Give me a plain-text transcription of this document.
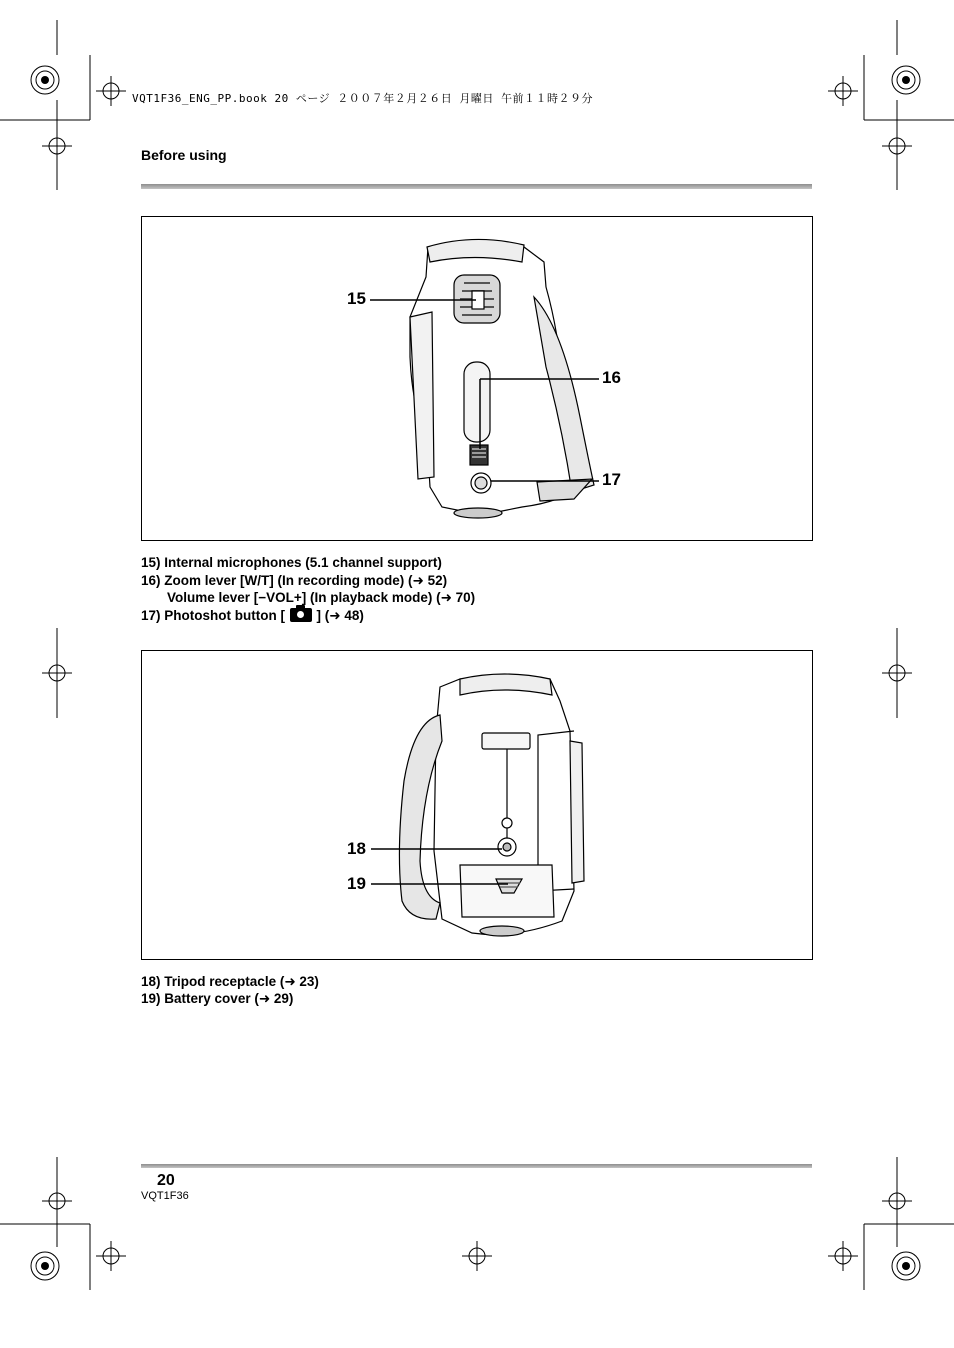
VQT1F36_ENG_PP.book 20 ページ ２００７年２月２６日 月曜日 午前１１時２９分
Before using
15
16
17
15) Internal microphones (5.1 channel support)
16) Zoom lever [W/T] (In recording mode) (➜ 52)
Volume lever [−VOL+] (In playback mode) (➜ 70)
17) Photoshot button [ ] (➜ 48)
18
19
18) Tripod receptacle (➜ 23)
19) Battery cover (➜ 29)
20
VQT1F36
